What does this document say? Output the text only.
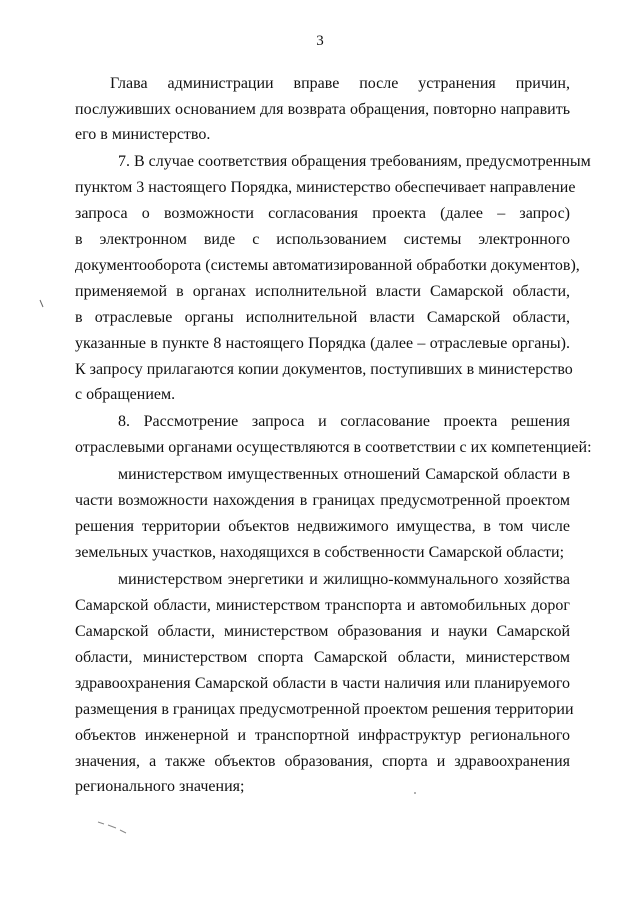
3
Глава администрации вправе после устранения причин,
послуживших основанием для возврата обращения, повторно направить
его в министерство.
7. В случае соответствия обращения требованиям, предусмотренным
пунктом 3 настоящего Порядка, министерство обеспечивает направление
запроса о возможности согласования проекта (далее – запрос)
в электронном виде с использованием системы электронного
документооборота (системы автоматизированной обработки документов),
применяемой в органах исполнительной власти Самарской области,
в отраслевые органы исполнительной власти Самарской области,
указанные в пункте 8 настоящего Порядка (далее – отраслевые органы).
К запросу прилагаются копии документов, поступивших в министерство
с обращением.
8. Рассмотрение запроса и согласование проекта решения
отраслевыми органами осуществляются в соответствии с их компетенцией:
министерством имущественных отношений Самарской области в
части возможности нахождения в границах предусмотренной проектом
решения территории объектов недвижимого имущества, в том числе
земельных участков, находящихся в собственности Самарской области;
министерством энергетики и жилищно-коммунального хозяйства
Самарской области, министерством транспорта и автомобильных дорог
Самарской области, министерством образования и науки Самарской
области, министерством спорта Самарской области, министерством
здравоохранения Самарской области в части наличия или планируемого
размещения в границах предусмотренной проектом решения территории
объектов инженерной и транспортной инфраструктур регионального
значения, а также объектов образования, спорта и здравоохранения
регионального значения;
